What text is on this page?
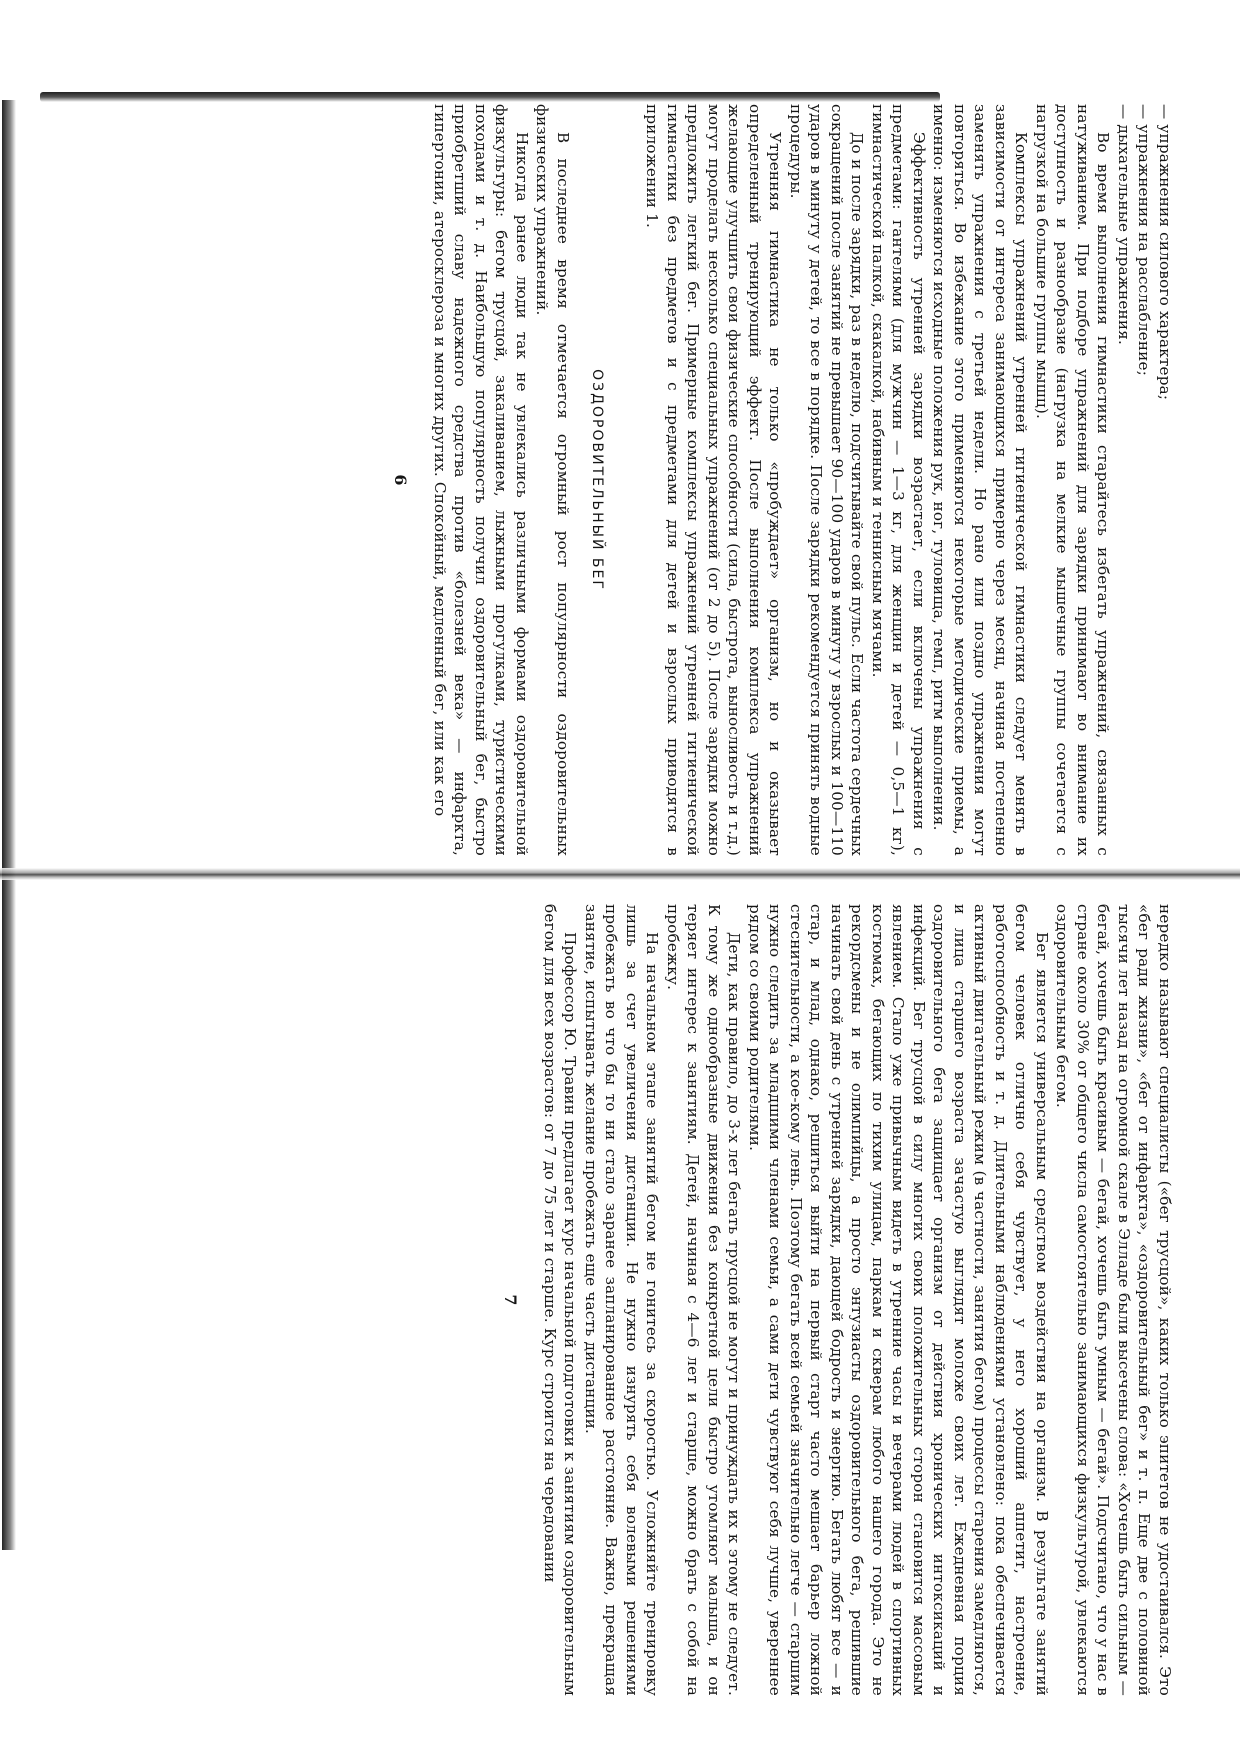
— упражнения силового характера;

— упражнения на расслабление;

— дыхательные упражнения.

Во время выполнения гимнастики старайтесь избегать упражнений, связанных с натуживанием. При подборе упражнений для зарядки принимают во внимание их доступность и разнообразие (нагрузка на мелкие мышечные группы сочетается с нагрузкой на большие группы мышц).

Комплексы упражнений утренней гигиенической гимнастики следует менять в зависимости от интереса занимающихся примерно через месяц, начиная постепенно заменять упражнения с третьей недели. Но рано или поздно упражнения могут повторяться. Во избежание этого применяются некоторые методические приемы, а именно: изменяются исходные положения рук, ног, туловища, темп, ритм выполнения.

Эффективность утренней зарядки возрастает, если включены упражнения с предметами: гантелями (для мужчин — 1—3 кг, для женщин и детей — 0,5—1 кг), гимнастической палкой, скакалкой, набивным и теннисным мячами.

До и после зарядки, раз в неделю, подсчитывайте свой пульс. Если частота сердечных сокращений после занятий не превышает 90—100 ударов в минуту у взрослых и 100—110 ударов в минуту у детей, то все в порядке. После зарядки рекомендуется принять водные процедуры.

Утренняя гимнастика не только «пробуждает» организм, но и оказывает определенный тренирующий эффект. После выполнения комплекса упражнений желающие улучшить свои физические способности (сила, быстрота, выносливость и т.д.) могут проделать несколько специальных упражнений (от 2 до 5). После зарядки можно предложить легкий бег. Примерные комплексы упражнений утренней гигиенической гимнастики без предметов и с предметами для детей и взрослых приводятся в приложении 1.

ОЗДОРОВИТЕЛЬНЫЙ БЕГ

В последнее время отмечается огромный рост популярности оздоровительных физических упражнений.

Никогда ранее люди так не увлекались различными формами оздоровительной физкультуры: бегом трусцой, закаливанием, лыжными прогулками, туристическими походами и т. д. Наибольшую популярность получил оздоровительный бег, быстро приобретший славу надежного средства против «болезней века» — инфаркта, гипертонии, атеросклероза и многих других. Спокойный, медленный бег, или как его

6

нередко называют специалисты («бег трусцой», каких только эпитетов не удостаивался. Это «бег ради жизни», «бег от инфаркта», «оздоровительный бег» и т. п. Еще две с половиной тысячи лет назад на огромной скале в Элладе были высечены слова: «Хочешь быть сильным — бегай, хочешь быть красивым — бегай, хочешь быть умным — бегай». Подсчитано, что у нас в стране около 30% от общего числа самостоятельно занимающихся физкультурой, увлекаются оздоровительным бегом.

Бег является универсальным средством воздействия на организм. В результате занятий бегом человек отлично себя чувствует, у него хороший аппетит, настроение, работоспособность и т. д. Длительными наблюдениями установлено: пока обеспечивается активный двигательный режим (в частности, занятия бегом) процессы старения замедляются, и лица старшего возраста зачастую выглядят моложе своих лет. Ежедневная порция оздоровительного бега защищает организм от действия хронических интоксикаций и инфекций. Бег трусцой в силу многих своих положительных сторон становится массовым явлением. Стало уже привычным видеть в утренние часы и вечерами людей в спортивных костюмах, бегающих по тихим улицам, паркам и скверам любого нашего города. Это не рекордсмены и не олимпийцы, а просто энтузиасты оздоровительного бега, решившие начинать свой день с утренней зарядки, дающей бодрость и энергию. Бегать любят все — и стар, и млад, однако, решиться выйти на первый старт часто мешает барьер ложной стеснительности, а кое-кому лень. Поэтому бегать всей семьей значительно легче — старшим нужно следить за младшими членами семьи, а сами дети чувствуют себя лучше, увереннее рядом со своими родителями.

Дети, как правило, до 3-х лет бегать трусцой не могут и принуждать их к этому не следует. К тому же однообразные движения без конкретной цели быстро утомляют малыша, и он теряет интерес к занятиям. Детей, начиная с 4—6 лет и старше, можно брать с собой на пробежку.

На начальном этапе занятий бегом не гонитесь за скоростью. Усложняйте тренировку лишь за счет увеличения дистанции. Не нужно изнурять себя волевыми решениями пробежать во что бы то ни стало заранее запланированное расстояние. Важно, прекращая занятие, испытывать желание пробежать еще часть дистанции.

Профессор Ю. Травин предлагает курс начальной подготовки к занятиям оздоровительным бегом для всех возрастов: от 7 до 75 лет и старше. Курс строится на чередовании

7
